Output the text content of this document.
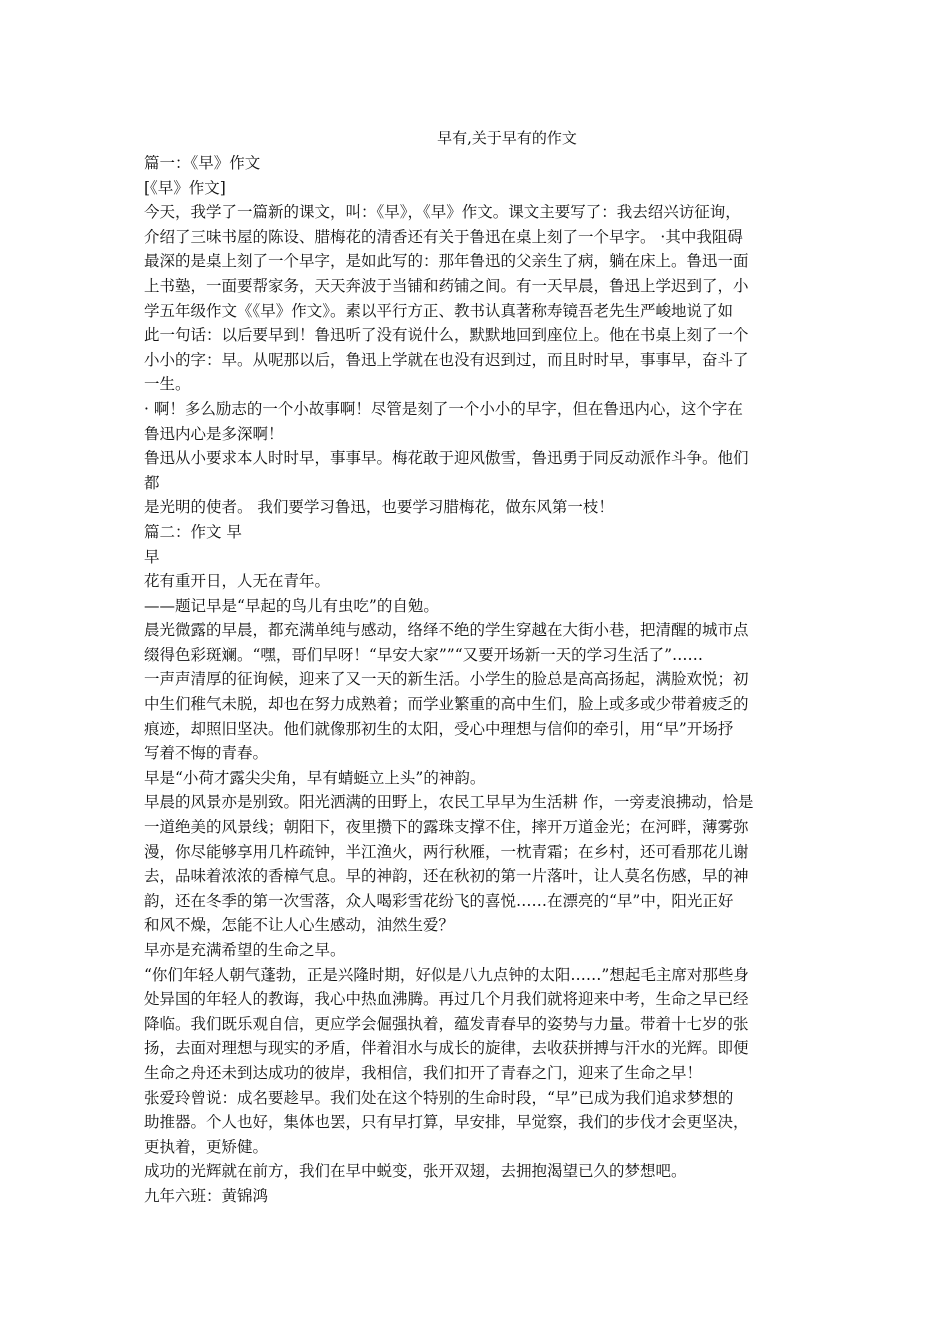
早有,关于早有的作文

篇一：《早》作文

[《早》作文]

今天，我学了一篇新的课文，叫：《早》，《早》作文。课文主要写了：我去绍兴访征询，

介绍了三味书屋的陈设、腊梅花的清香还有关于鲁迅在桌上刻了一个早字。 ·其中我阻碍

最深的是桌上刻了一个早字，是如此写的：那年鲁迅的父亲生了病，躺在床上。鲁迅一面

上书塾，一面要帮家务，天天奔波于当铺和药铺之间。有一天早晨，鲁迅上学迟到了，小

学五年级作文《《早》作文》。素以平行方正、教书认真著称寿镜吾老先生严峻地说了如

此一句话：以后要早到！鲁迅听了没有说什么，默默地回到座位上。他在书桌上刻了一个

小小的字：早。从呢那以后，鲁迅上学就在也没有迟到过，而且时时早，事事早，奋斗了

一生。

· 啊！多么励志的一个小故事啊！尽管是刻了一个小小的早字，但在鲁迅内心，这个字在

鲁迅内心是多深啊！

鲁迅从小要求本人时时早，事事早。梅花敢于迎风傲雪，鲁迅勇于同反动派作斗争。他们

都

是光明的使者。 我们要学习鲁迅，也要学习腊梅花，做东风第一枝！

篇二：作文 早

早

花有重开日，人无在青年。

——题记早是“早起的鸟儿有虫吃”的自勉。

晨光微露的早晨，都充满单纯与感动，络绎不绝的学生穿越在大街小巷，把清醒的城市点

缀得色彩斑斓。“嘿，哥们早呀！“早安大家””“又要开场新一天的学习生活了”……

一声声清厚的征询候，迎来了又一天的新生活。小学生的脸总是高高扬起，满脸欢悦；初

中生们稚气未脱，却也在努力成熟着；而学业繁重的高中生们，脸上或多或少带着疲乏的

痕迹，却照旧坚决。他们就像那初生的太阳，受心中理想与信仰的牵引，用“早”开场抒

写着不悔的青春。

早是“小荷才露尖尖角，早有蜻蜓立上头”的神韵。

早晨的风景亦是别致。阳光洒满的田野上，农民工早早为生活耕 作，一旁麦浪拂动，恰是

一道绝美的风景线；朝阳下，夜里攒下的露珠支撑不住，摔开万道金光；在河畔，薄雾弥

漫，你尽能够享用几杵疏钟，半江渔火，两行秋雁，一枕青霜；在乡村，还可看那花儿谢

去，品味着浓浓的香樟气息。早的神韵，还在秋初的第一片落叶，让人莫名伤感，早的神

韵，还在冬季的第一次雪落，众人喝彩雪花纷飞的喜悦……在漂亮的“早”中，阳光正好

和风不燥，怎能不让人心生感动，油然生爱？

早亦是充满希望的生命之早。

“你们年轻人朝气蓬勃，正是兴隆时期，好似是八九点钟的太阳……”想起毛主席对那些身

处异国的年轻人的教诲，我心中热血沸腾。再过几个月我们就将迎来中考，生命之早已经

降临。我们既乐观自信，更应学会倔强执着，蕴发青春早的姿势与力量。带着十七岁的张

扬，去面对理想与现实的矛盾，伴着泪水与成长的旋律，去收获拼搏与汗水的光辉。即便

生命之舟还未到达成功的彼岸，我相信，我们扣开了青春之门，迎来了生命之早！

张爱玲曾说：成名要趁早。我们处在这个特别的生命时段，“早”已成为我们追求梦想的

助推器。个人也好，集体也罢，只有早打算，早安排，早觉察，我们的步伐才会更坚决，

更执着，更矫健。

成功的光辉就在前方，我们在早中蜕变，张开双翅，去拥抱渴望已久的梦想吧。

九年六班：黄锦鸿
